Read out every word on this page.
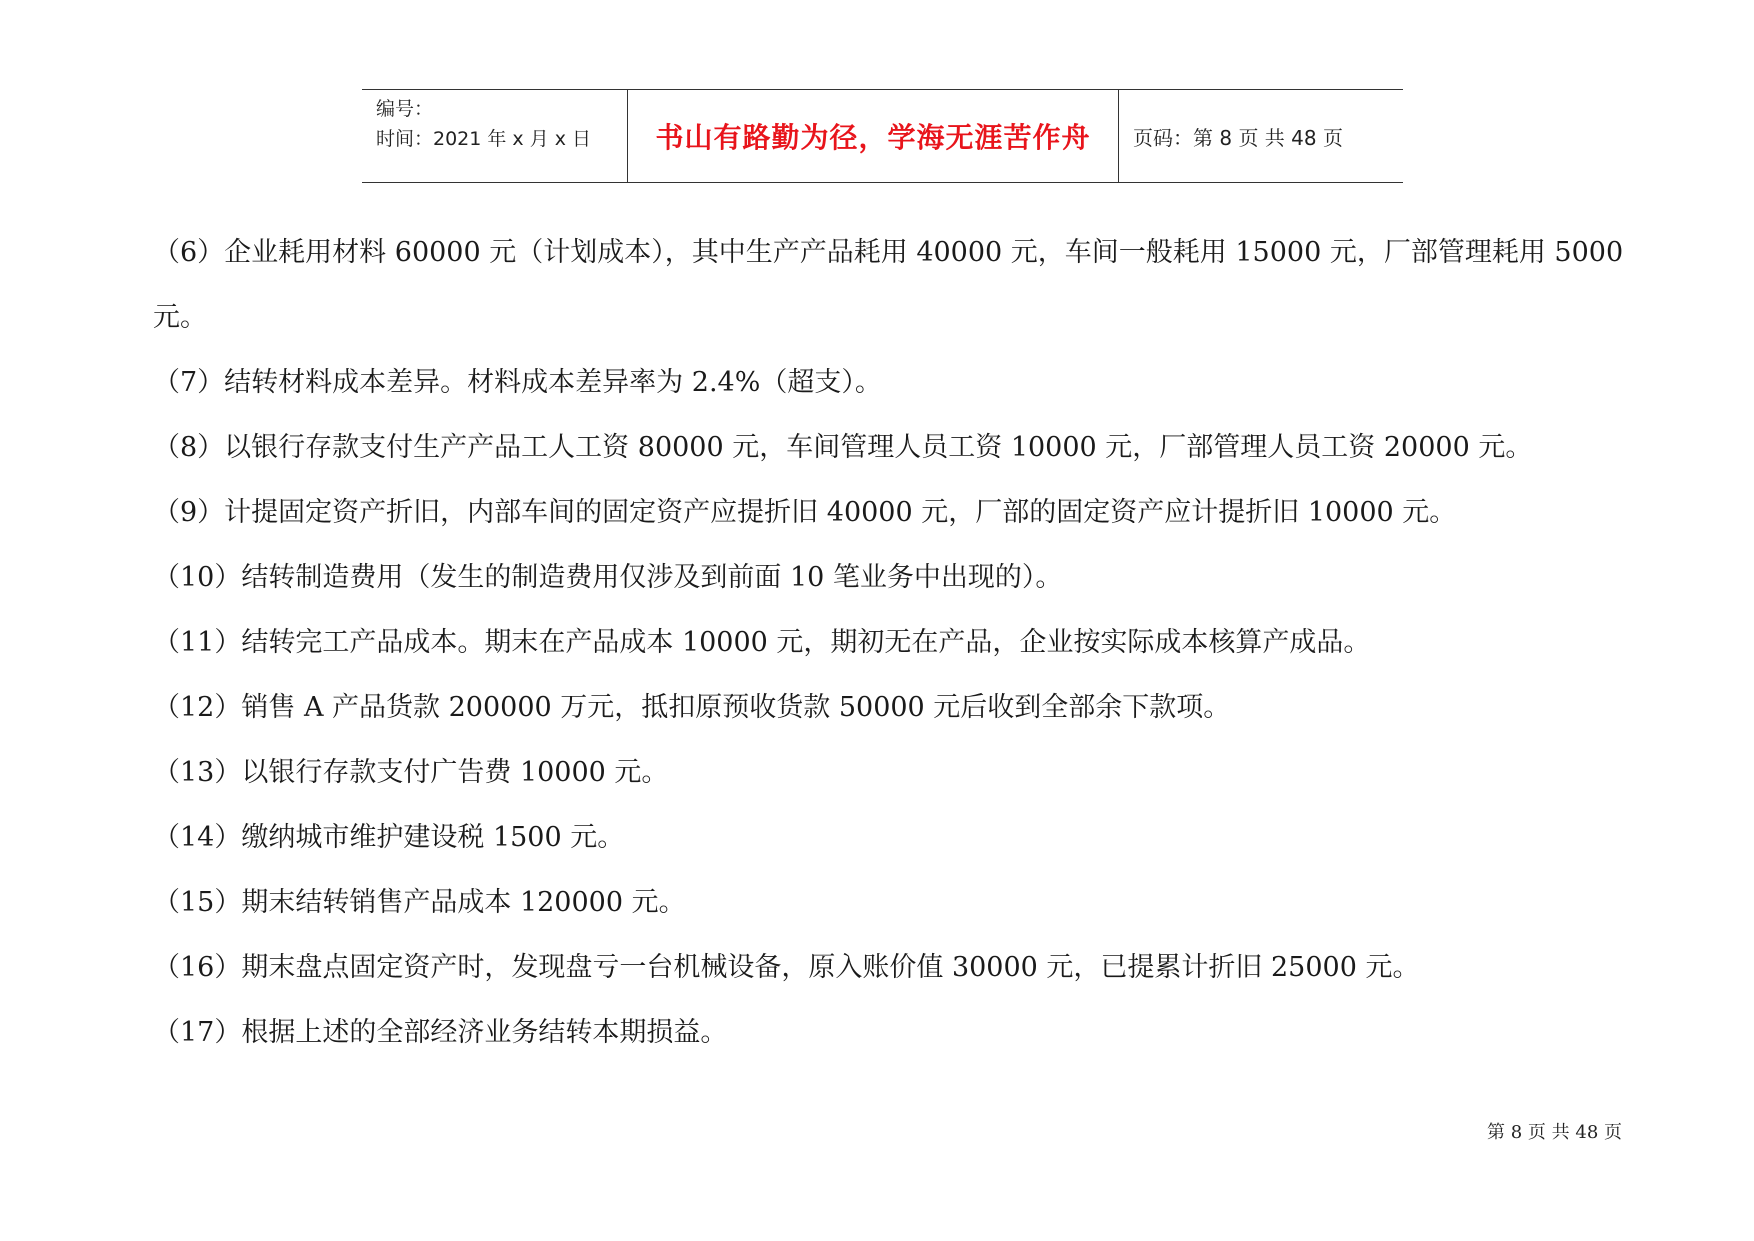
编号：
时间：2021 年 x 月 x 日	书山有路勤为径，学海无涯苦作舟	页码：第 8 页 共 48 页

（6）企业耗用材料 60000 元（计划成本），其中生产产品耗用 40000 元，车间一般耗用 15000 元，厂部管理耗用 5000

元。

（7）结转材料成本差异。材料成本差异率为 2.4%（超支）。

（8）以银行存款支付生产产品工人工资 80000 元，车间管理人员工资 10000 元，厂部管理人员工资 20000 元。

（9）计提固定资产折旧，内部车间的固定资产应提折旧 40000 元，厂部的固定资产应计提折旧 10000 元。

（10）结转制造费用（发生的制造费用仅涉及到前面 10 笔业务中出现的）。

（11）结转完工产品成本。期末在产品成本 10000 元，期初无在产品，企业按实际成本核算产成品。

（12）销售 A 产品货款 200000 万元，抵扣原预收货款 50000 元后收到全部余下款项。

（13）以银行存款支付广告费 10000 元。

（14）缴纳城市维护建设税 1500 元。

（15）期末结转销售产品成本 120000 元。

（16）期末盘点固定资产时，发现盘亏一台机械设备，原入账价值 30000 元，已提累计折旧 25000 元。

（17）根据上述的全部经济业务结转本期损益。

第 8 页 共 48 页
